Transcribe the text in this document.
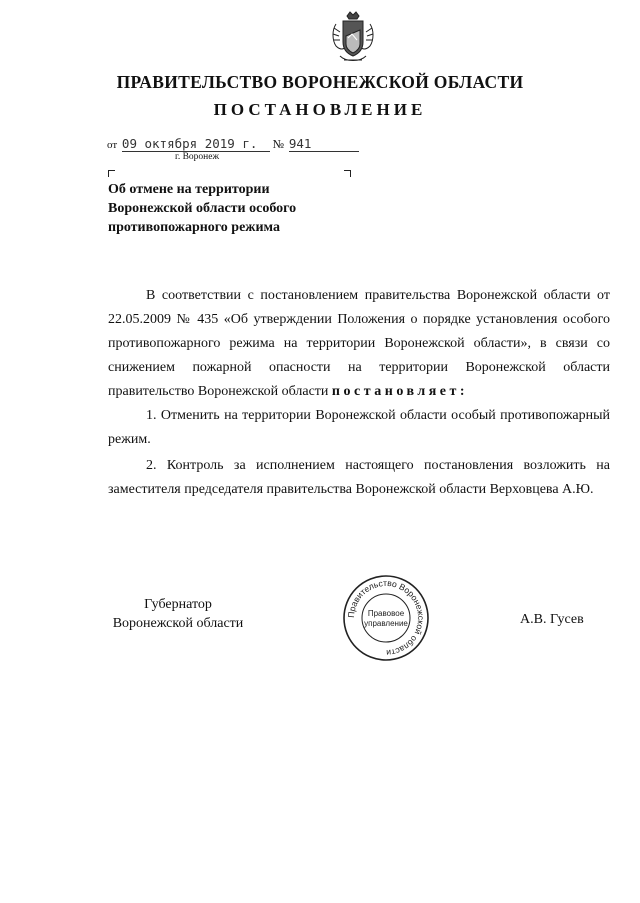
ПРАВИТЕЛЬСТВО ВОРОНЕЖСКОЙ ОБЛАСТИ
ПОСТАНОВЛЕНИЕ
от 09 октября 2019 г. № 941
г. Воронеж
Об отмене на территории Воронежской области особого противопожарного режима
В соответствии с постановлением правительства Воронежской области от 22.05.2009 № 435 «Об утверждении Положения о порядке установления особого противопожарного режима на территории Воронежской области», в связи со снижением пожарной опасности на территории Воронежской области правительство Воронежской области постановляет:
1. Отменить на территории Воронежской области особый противопожарный режим.
2. Контроль за исполнением настоящего постановления возложить на заместителя председателя правительства Воронежской области Верховцева А.Ю.
Губернатор
Воронежской области
Правительство Воронежской области
Правовое
управление	А.В. Гусев
